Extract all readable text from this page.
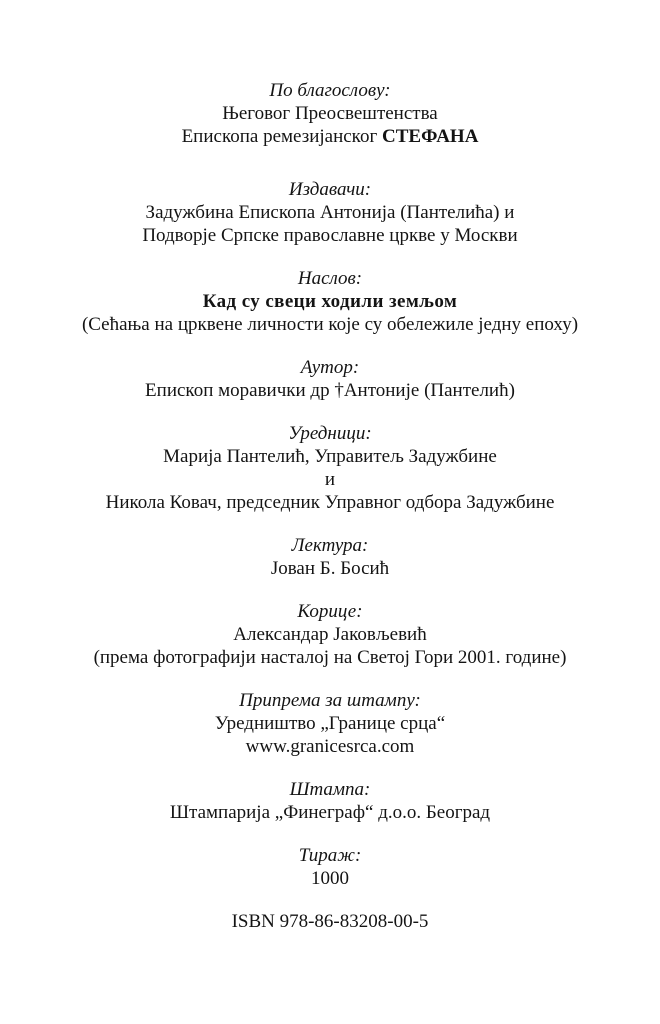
По благослову:
Његовог Преосвештенства
Епископа ремезијанског СТЕФАНА
Издавачи:
Задужбина Епископа Антонија (Пантелића) и
Подворје Српске православне цркве у Москви
Наслов:
Кад су свеци ходили земљом
(Сећања на црквене личности које су обележиле једну епоху)
Аутор:
Епископ моравички др †Антоније (Пантелић)
Уредници:
Марија Пантелић, Управитељ Задужбине
и
Никола Ковач, председник Управног одбора Задужбине
Лектура:
Јован Б. Босић
Корице:
Александар Јаковљевић
(према фотографији насталој на Светој Гори 2001. године)
Припрема за штампу:
Уредништво „Границе срца“
www.granicesrca.com
Штампа:
Штампарија „Финеграф“ д.о.о. Београд
Тираж:
1000
ISBN 978-86-83208-00-5
